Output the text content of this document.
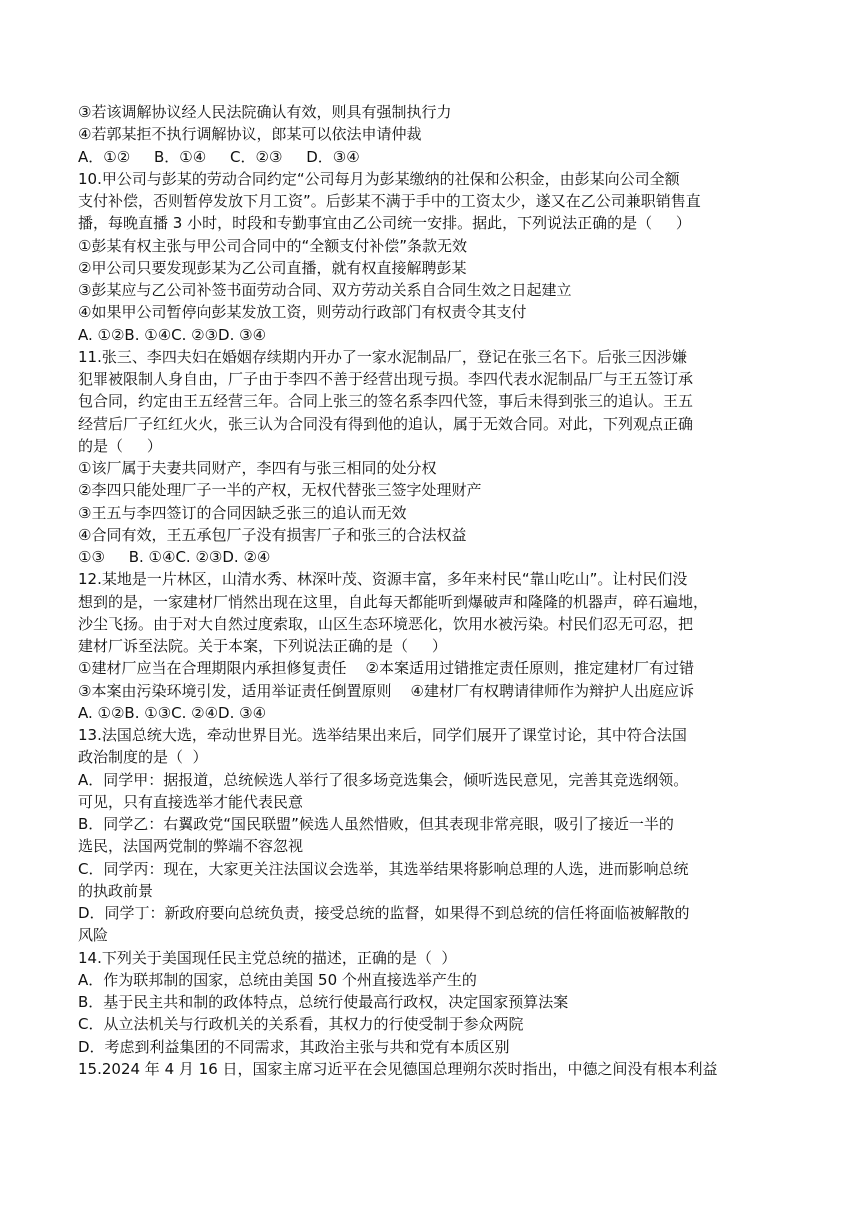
③若该调解协议经人民法院确认有效，则具有强制执行力
④若郭某拒不执行调解协议，郎某可以依法申请仲裁
A．①②     B．①④     C．②③     D．③④
10.甲公司与彭某的劳动合同约定“公司每月为彭某缴纳的社保和公积金，由彭某向公司全额
支付补偿，否则暂停发放下月工资”。后彭某不满于手中的工资太少，遂又在乙公司兼职销售直
播，每晚直播 3 小时，时段和专勤事宜由乙公司统一安排。据此，下列说法正确的是（     ）
①彭某有权主张与甲公司合同中的“全额支付补偿”条款无效
②甲公司只要发现彭某为乙公司直播，就有权直接解聘彭某
③彭某应与乙公司补签书面劳动合同、双方劳动关系自合同生效之日起建立
④如果甲公司暂停向彭某发放工资，则劳动行政部门有权责令其支付
A. ①②B. ①④C. ②③D. ③④
11.张三、李四夫妇在婚姻存续期内开办了一家水泥制品厂，登记在张三名下。后张三因涉嫌
犯罪被限制人身自由，厂子由于李四不善于经营出现亏损。李四代表水泥制品厂与王五签订承
包合同，约定由王五经营三年。合同上张三的签名系李四代签，事后未得到张三的追认。王五
经营后厂子红红火火，张三认为合同没有得到他的追认，属于无效合同。对此，下列观点正确
的是（     ）
①该厂属于夫妻共同财产，李四有与张三相同的处分权
②李四只能处理厂子一半的产权，无权代替张三签字处理财产
③王五与李四签订的合同因缺乏张三的追认而无效
④合同有效，王五承包厂子没有损害厂子和张三的合法权益
①③     B. ①④C. ②③D. ②④
12.某地是一片林区，山清水秀、林深叶茂、资源丰富，多年来村民“靠山吃山”。让村民们没
想到的是，一家建材厂悄然出现在这里，自此每天都能听到爆破声和隆隆的机器声，碎石遍地，
沙尘飞扬。由于对大自然过度索取，山区生态环境恶化，饮用水被污染。村民们忍无可忍，把
建材厂诉至法院。关于本案，下列说法正确的是（     ）
①建材厂应当在合理期限内承担修复责任    ②本案适用过错推定责任原则，推定建材厂有过错
③本案由污染环境引发，适用举证责任倒置原则    ④建材厂有权聘请律师作为辩护人出庭应诉
A. ①②B. ①③C. ②④D. ③④
13.法国总统大选，牵动世界目光。选举结果出来后，同学们展开了课堂讨论，其中符合法国
政治制度的是（  ）
A．同学甲：据报道，总统候选人举行了很多场竞选集会，倾听选民意见，完善其竞选纲领。
可见，只有直接选举才能代表民意
B．同学乙：右翼政党“国民联盟”候选人虽然惜败，但其表现非常亮眼，吸引了接近一半的
选民，法国两党制的弊端不容忽视
C．同学丙：现在，大家更关注法国议会选举，其选举结果将影响总理的人选，进而影响总统
的执政前景
D．同学丁：新政府要向总统负责，接受总统的监督，如果得不到总统的信任将面临被解散的
风险
14.下列关于美国现任民主党总统的描述，正确的是（  ）
A．作为联邦制的国家，总统由美国 50 个州直接选举产生的
B．基于民主共和制的政体特点，总统行使最高行政权，决定国家预算法案
C．从立法机关与行政机关的关系看，其权力的行使受制于参众两院
D．考虑到利益集团的不同需求，其政治主张与共和党有本质区别
15.2024 年 4 月 16 日，国家主席习近平在会见德国总理朔尔茨时指出，中德之间没有根本利益
